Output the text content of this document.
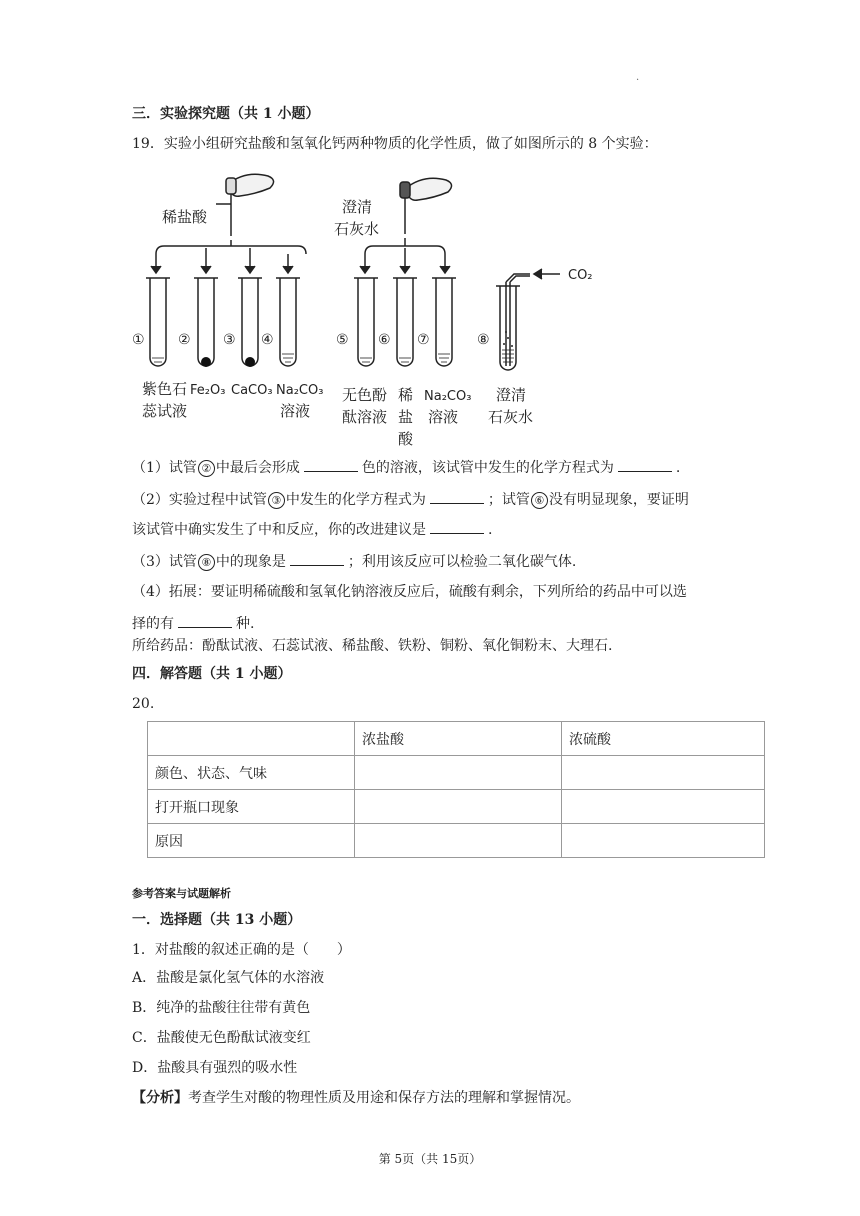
.
三．实验探究题（共 1 小题）
19．实验小组研究盐酸和氢氧化钙两种物质的化学性质，做了如图所示的 8 个实验：
稀盐酸
澄清
石灰水
CO₂
① ② ③ ④	⑤ ⑥ ⑦	⑧
紫色石
蕊试液
Fe₂O₃ CaCO₃ Na₂CO₃
溶液
无色酚
酞溶液
稀
盐
酸
Na₂CO₃
溶液
澄清
石灰水
（1）试管 ② 中最后会形成	色的溶液，该试管中发生的化学方程式为	.
（2）实验过程中试管 ③ 中发生的化学方程式为	；试管 ⑥ 没有明显现象，要证明
该试管中确实发生了中和反应，你的改进建议是	.
（3）试管 ⑧ 中的现象是	；利用该反应可以检验二氧化碳气体.
（4）拓展：要证明稀硫酸和氢氧化钠溶液反应后，硫酸有剩余，下列所给的药品中可以选
择的有	种.
所给药品：酚酞试液、石蕊试液、稀盐酸、铁粉、铜粉、氧化铜粉末、大理石.
四．解答题（共 1 小题）
20.
	浓盐酸	浓硫酸
颜色、状态、气味		
打开瓶口现象		
原因		
参考答案与试题解析
一．选择题（共 13 小题）
1．对盐酸的叙述正确的是（　　）
A．盐酸是氯化氢气体的水溶液
B．纯净的盐酸往往带有黄色
C．盐酸使无色酚酞试液变红
D．盐酸具有强烈的吸水性
【分析】考查学生对酸的物理性质及用途和保存方法的理解和掌握情况。
第 5页（共 15页）
